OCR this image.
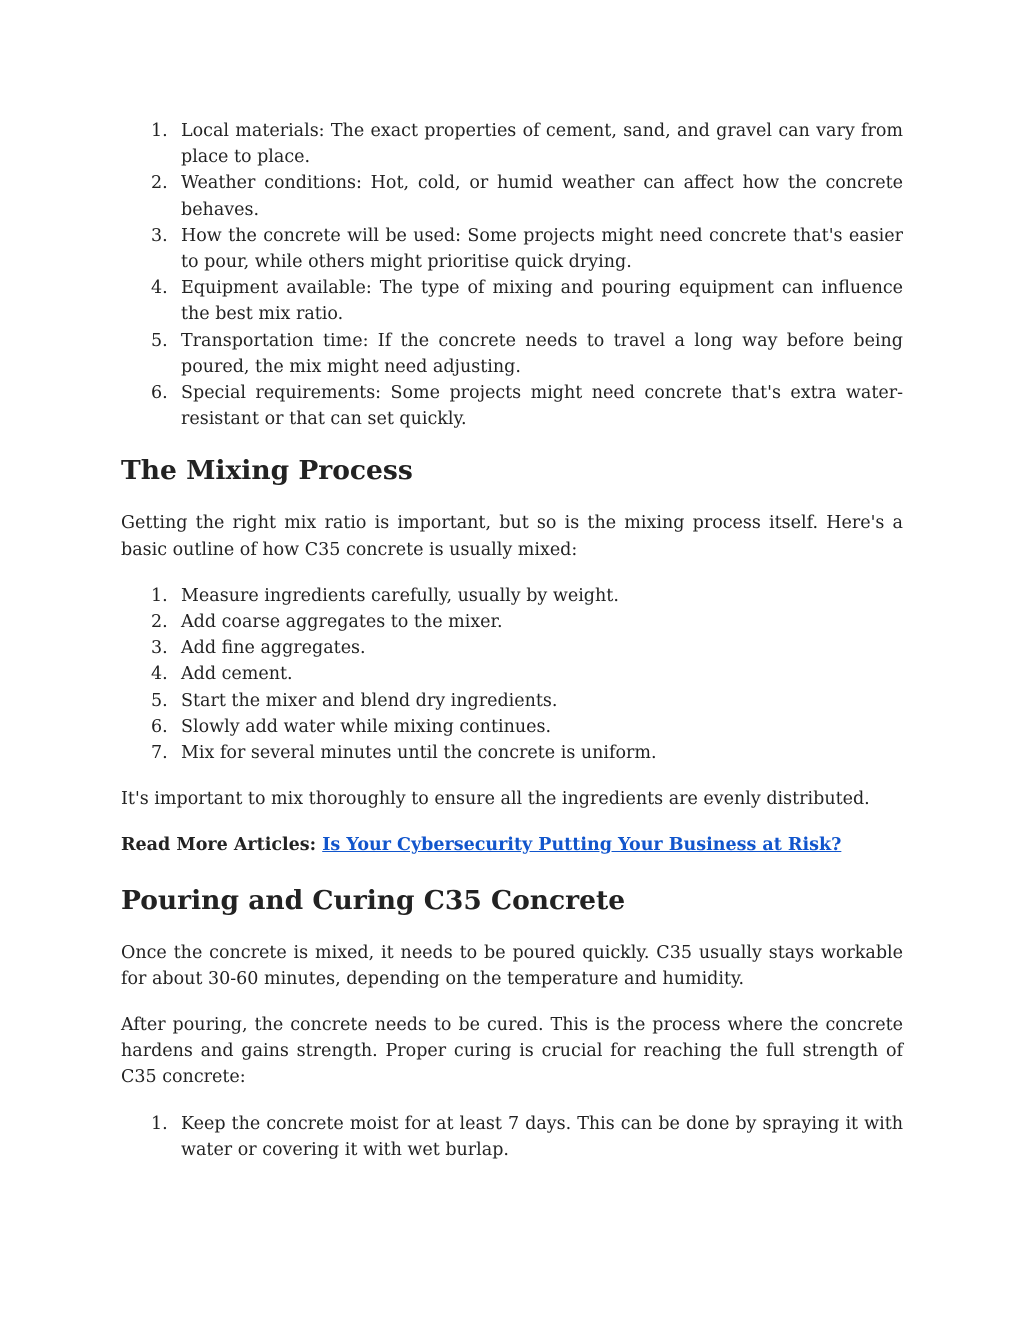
1. Local materials: The exact properties of cement, sand, and gravel can vary from place to place.
2. Weather conditions: Hot, cold, or humid weather can affect how the concrete behaves.
3. How the concrete will be used: Some projects might need concrete that's easier to pour, while others might prioritise quick drying.
4. Equipment available: The type of mixing and pouring equipment can influence the best mix ratio.
5. Transportation time: If the concrete needs to travel a long way before being poured, the mix might need adjusting.
6. Special requirements: Some projects might need concrete that's extra water-resistant or that can set quickly.
The Mixing Process

Getting the right mix ratio is important, but so is the mixing process itself. Here's a basic outline of how C35 concrete is usually mixed:

1. Measure ingredients carefully, usually by weight.
2. Add coarse aggregates to the mixer.
3. Add fine aggregates.
4. Add cement.
5. Start the mixer and blend dry ingredients.
6. Slowly add water while mixing continues.
7. Mix for several minutes until the concrete is uniform.

It's important to mix thoroughly to ensure all the ingredients are evenly distributed.

Read More Articles: Is Your Cybersecurity Putting Your Business at Risk?

Pouring and Curing C35 Concrete

Once the concrete is mixed, it needs to be poured quickly. C35 usually stays workable for about 30-60 minutes, depending on the temperature and humidity.

After pouring, the concrete needs to be cured. This is the process where the concrete hardens and gains strength. Proper curing is crucial for reaching the full strength of C35 concrete:

1. Keep the concrete moist for at least 7 days. This can be done by spraying it with water or covering it with wet burlap.
